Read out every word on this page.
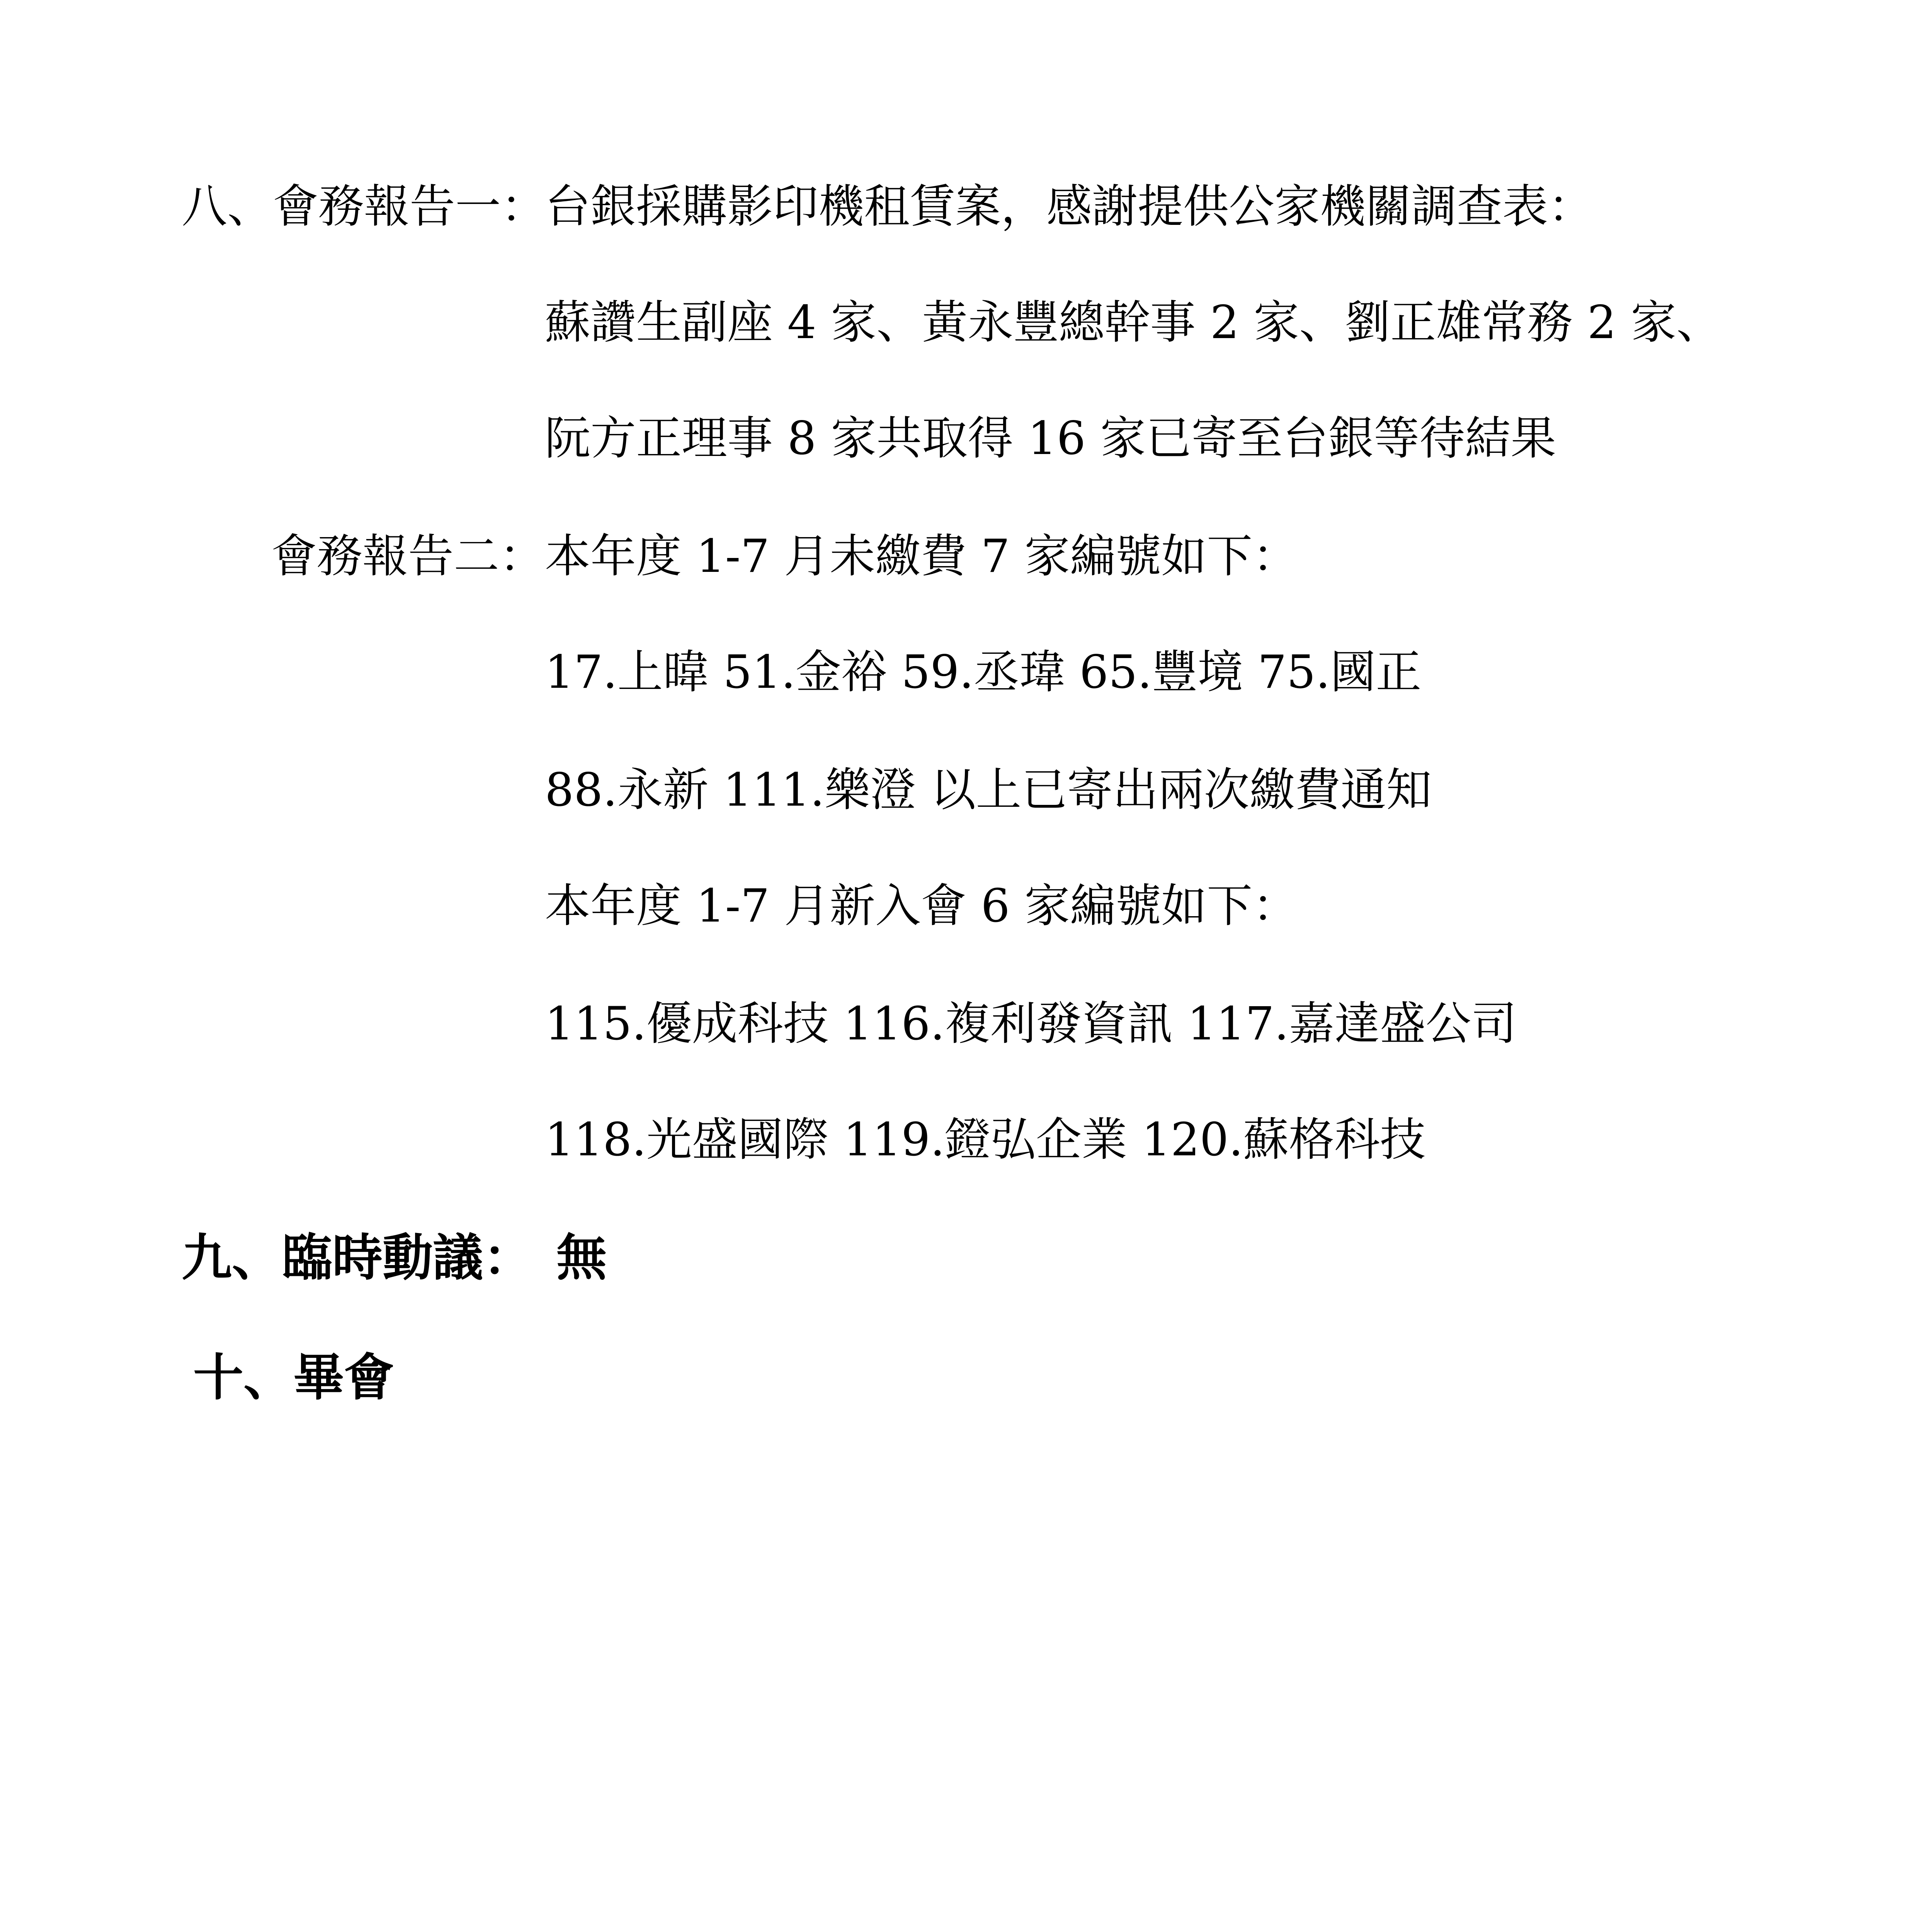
八、會務報告一：台銀採購影印機租賃案，感謝提供公家機關調查表：
蘇讚生副座 4 家、黃永豐總幹事 2 家、劉正雄常務 2 家、
阮方正理事 8 家共取得 16 家已寄至台銀等待結果
會務報告二：本年度 1-7 月未繳費 7 家編號如下：
17.上暐 51.金裕 59.丞瑋 65.豐境 75.國正
88.永新 111.樂澄 以上已寄出兩次繳費通知
本年度 1-7 月新入會 6 家編號如下：
115.優成科技 116.複利發資訊 117.嘉達盛公司
118.光盛國際 119.鐙弘企業 120.蘇格科技
九、臨時動議： 無
十、畢會
